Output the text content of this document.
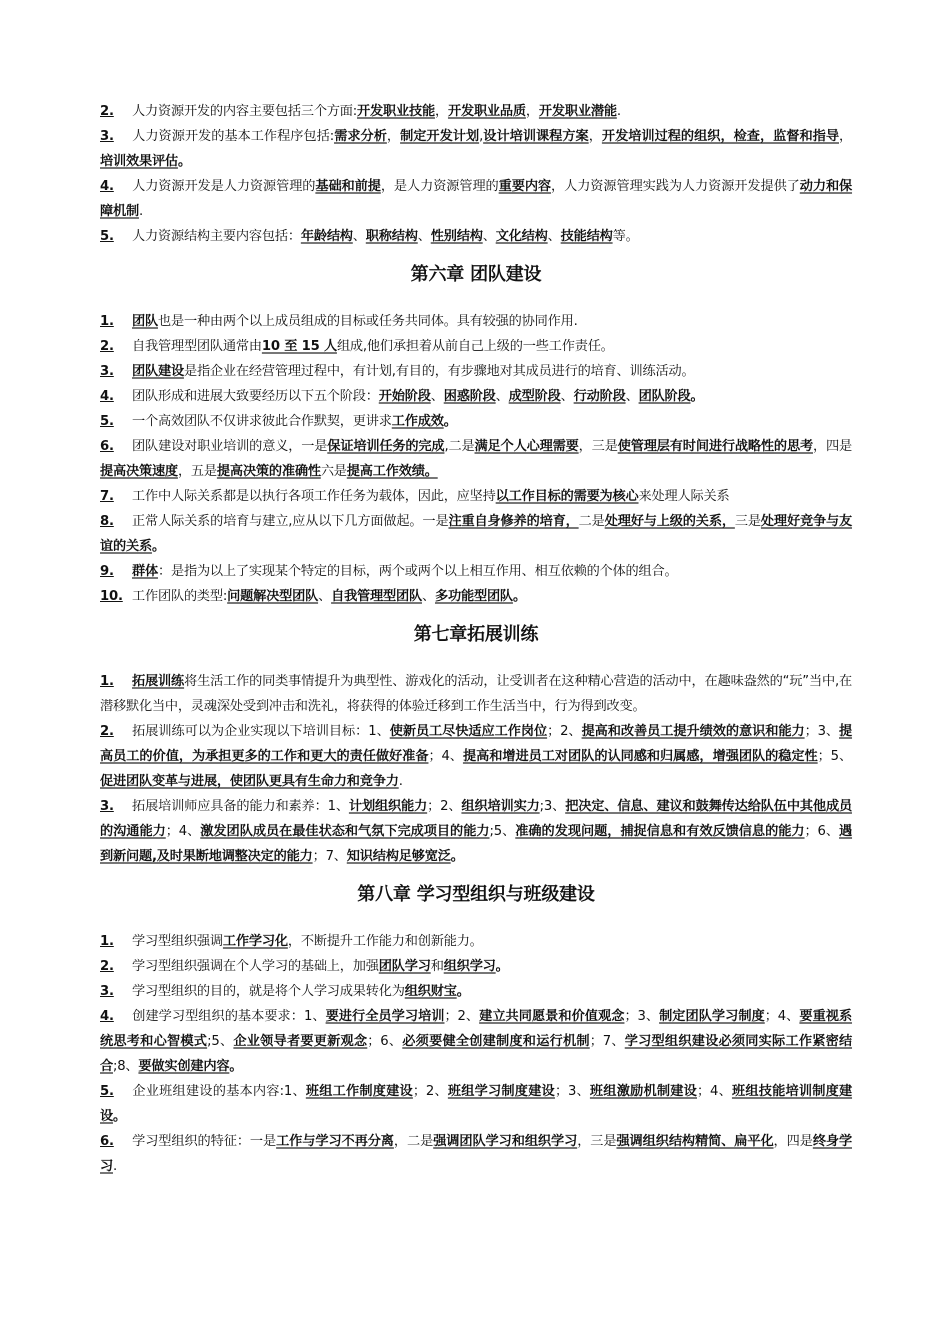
2. 人力资源开发的内容主要包括三个方面:开发职业技能，开发职业品质，开发职业潜能.

3. 人力资源开发的基本工作程序包括:需求分析，制定开发计划,设计培训课程方案，开发培训过程的组织，检查，监督和指导，培训效果评估。

4. 人力资源开发是人力资源管理的基础和前提，是人力资源管理的重要内容，人力资源管理实践为人力资源开发提供了动力和保障机制.

5. 人力资源结构主要内容包括：年龄结构、职称结构、性别结构、文化结构、技能结构等。

第六章 团队建设

1. 团队也是一种由两个以上成员组成的目标或任务共同体。具有较强的协同作用.

2. 自我管理型团队通常由10 至 15 人组成,他们承担着从前自己上级的一些工作责任。

3. 团队建设是指企业在经营管理过程中，有计划,有目的，有步骤地对其成员进行的培育、训练活动。

4. 团队形成和进展大致要经历以下五个阶段：开始阶段、困惑阶段、成型阶段、行动阶段、团队阶段。

5. 一个高效团队不仅讲求彼此合作默契，更讲求工作成效。

6. 团队建设对职业培训的意义，一是保证培训任务的完成,二是满足个人心理需要，三是使管理层有时间进行战略性的思考，四是提高决策速度，五是提高决策的准确性六是提高工作效绩。

7. 工作中人际关系都是以执行各项工作任务为载体，因此，应坚持以工作目标的需要为核心来处理人际关系

8. 正常人际关系的培育与建立,应从以下几方面做起。一是注重自身修养的培育，二是处理好与上级的关系，三是处理好竞争与友谊的关系。

9. 群体：是指为以上了实现某个特定的目标，两个或两个以上相互作用、相互依赖的个体的组合。

10. 工作团队的类型:问题解决型团队、自我管理型团队、多功能型团队。

第七章拓展训练

1. 拓展训练将生活工作的同类事情提升为典型性、游戏化的活动，让受训者在这种精心营造的活动中，在趣味盎然的“玩”当中,在潜移默化当中，灵魂深处受到冲击和洗礼，将获得的体验迁移到工作生活当中，行为得到改变。

2. 拓展训练可以为企业实现以下培训目标：1、使新员工尽快适应工作岗位；2、提高和改善员工提升绩效的意识和能力；3、提高员工的价值，为承担更多的工作和更大的责任做好准备；4、提高和增进员工对团队的认同感和归属感，增强团队的稳定性；5、促进团队变革与进展，使团队更具有生命力和竞争力.

3. 拓展培训师应具备的能力和素养：1、计划组织能力；2、组织培训实力;3、把决定、信息、建议和鼓舞传达给队伍中其他成员的沟通能力；4、激发团队成员在最佳状态和气氛下完成项目的能力;5、准确的发现问题，捕捉信息和有效反馈信息的能力；6、遇到新问题,及时果断地调整决定的能力；7、知识结构足够宽泛。

第八章 学习型组织与班级建设

1. 学习型组织强调工作学习化，不断提升工作能力和创新能力。

2. 学习型组织强调在个人学习的基础上，加强团队学习和组织学习。

3. 学习型组织的目的，就是将个人学习成果转化为组织财宝。

4. 创建学习型组织的基本要求：1、要进行全员学习培训；2、建立共同愿景和价值观念；3、制定团队学习制度；4、要重视系统思考和心智模式;5、企业领导者要更新观念；6、必须要健全创建制度和运行机制；7、学习型组织建设必须同实际工作紧密结合;8、要做实创建内容。

5. 企业班组建设的基本内容:1、班组工作制度建设；2、班组学习制度建设；3、班组激励机制建设；4、班组技能培训制度建设。

6. 学习型组织的特征：一是工作与学习不再分离，二是强调团队学习和组织学习，三是强调组织结构精简、扁平化，四是终身学习.
